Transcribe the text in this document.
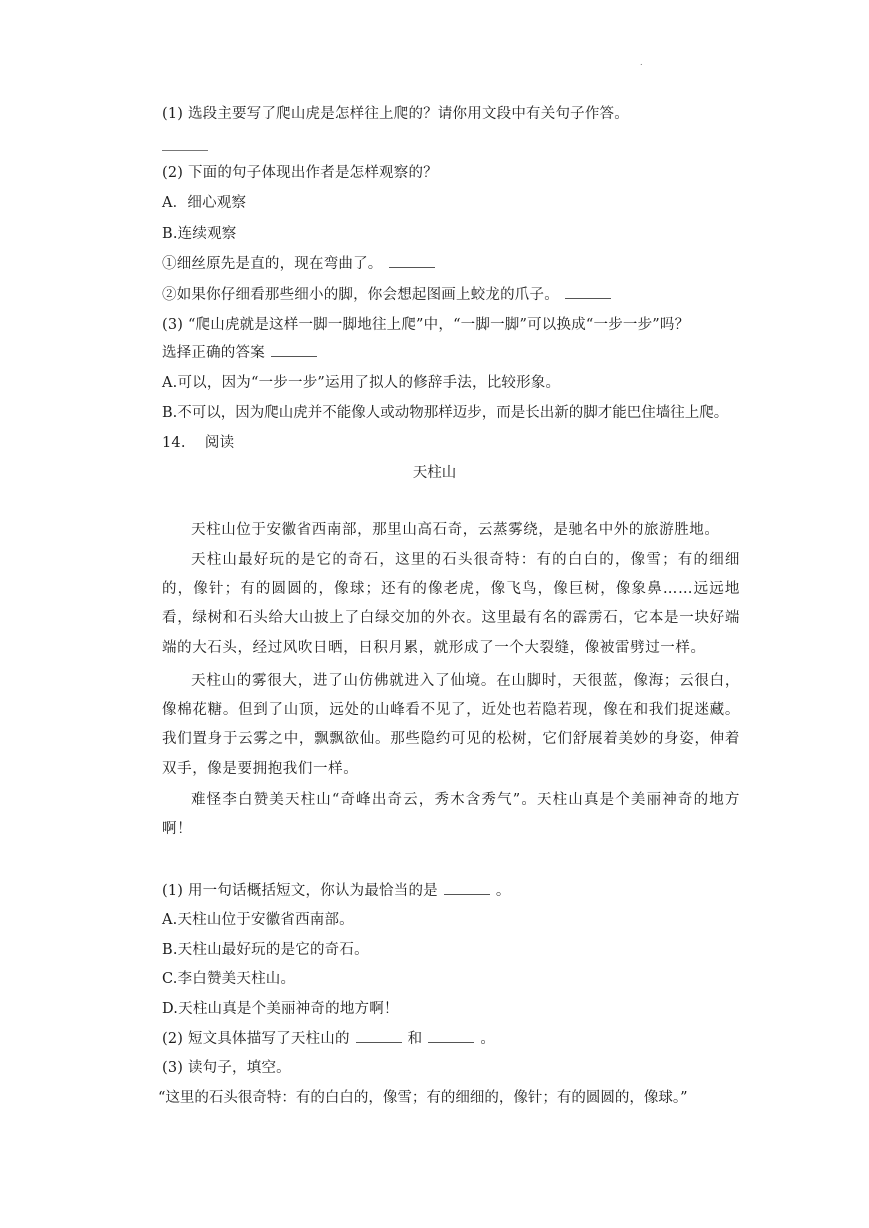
.
(1) 选段主要写了爬山虎是怎样往上爬的？请你用文段中有关句子作答。
(2) 下面的句子体现出作者是怎样观察的？
A．细心观察
B.连续观察
①细丝原先是直的，现在弯曲了。
②如果你仔细看那些细小的脚，你会想起图画上蛟龙的爪子。
(3) “爬山虎就是这样一脚一脚地往上爬”中，“一脚一脚”可以换成“一步一步”吗？
选择正确的答案
A.可以，因为“一步一步”运用了拟人的修辞手法，比较形象。
B.不可以，因为爬山虎并不能像人或动物那样迈步，而是长出新的脚才能巴住墙往上爬。
14. 阅读
天柱山
天柱山位于安徽省西南部，那里山高石奇，云蒸雾绕，是驰名中外的旅游胜地。
天柱山最好玩的是它的奇石，这里的石头很奇特：有的白白的，像雪；有的细细的，像针；有的圆圆的，像球；还有的像老虎，像飞鸟，像巨树，像象鼻……远远地看，绿树和石头给大山披上了白绿交加的外衣。这里最有名的霹雳石，它本是一块好端端的大石头，经过风吹日晒，日积月累，就形成了一个大裂缝，像被雷劈过一样。
天柱山的雾很大，进了山仿佛就进入了仙境。在山脚时，天很蓝，像海；云很白，像棉花糖。但到了山顶，远处的山峰看不见了，近处也若隐若现，像在和我们捉迷藏。我们置身于云雾之中，飘飘欲仙。那些隐约可见的松树，它们舒展着美妙的身姿，伸着双手，像是要拥抱我们一样。
难怪李白赞美天柱山“奇峰出奇云，秀木含秀气”。天柱山真是个美丽神奇的地方啊！
(1) 用一句话概括短文，你认为最恰当的是	。
A.天柱山位于安徽省西南部。
B.天柱山最好玩的是它的奇石。
C.李白赞美天柱山。
D.天柱山真是个美丽神奇的地方啊！
(2) 短文具体描写了天柱山的	和	。
(3) 读句子，填空。
“这里的石头很奇特：有的白白的，像雪；有的细细的，像针；有的圆圆的，像球。”
